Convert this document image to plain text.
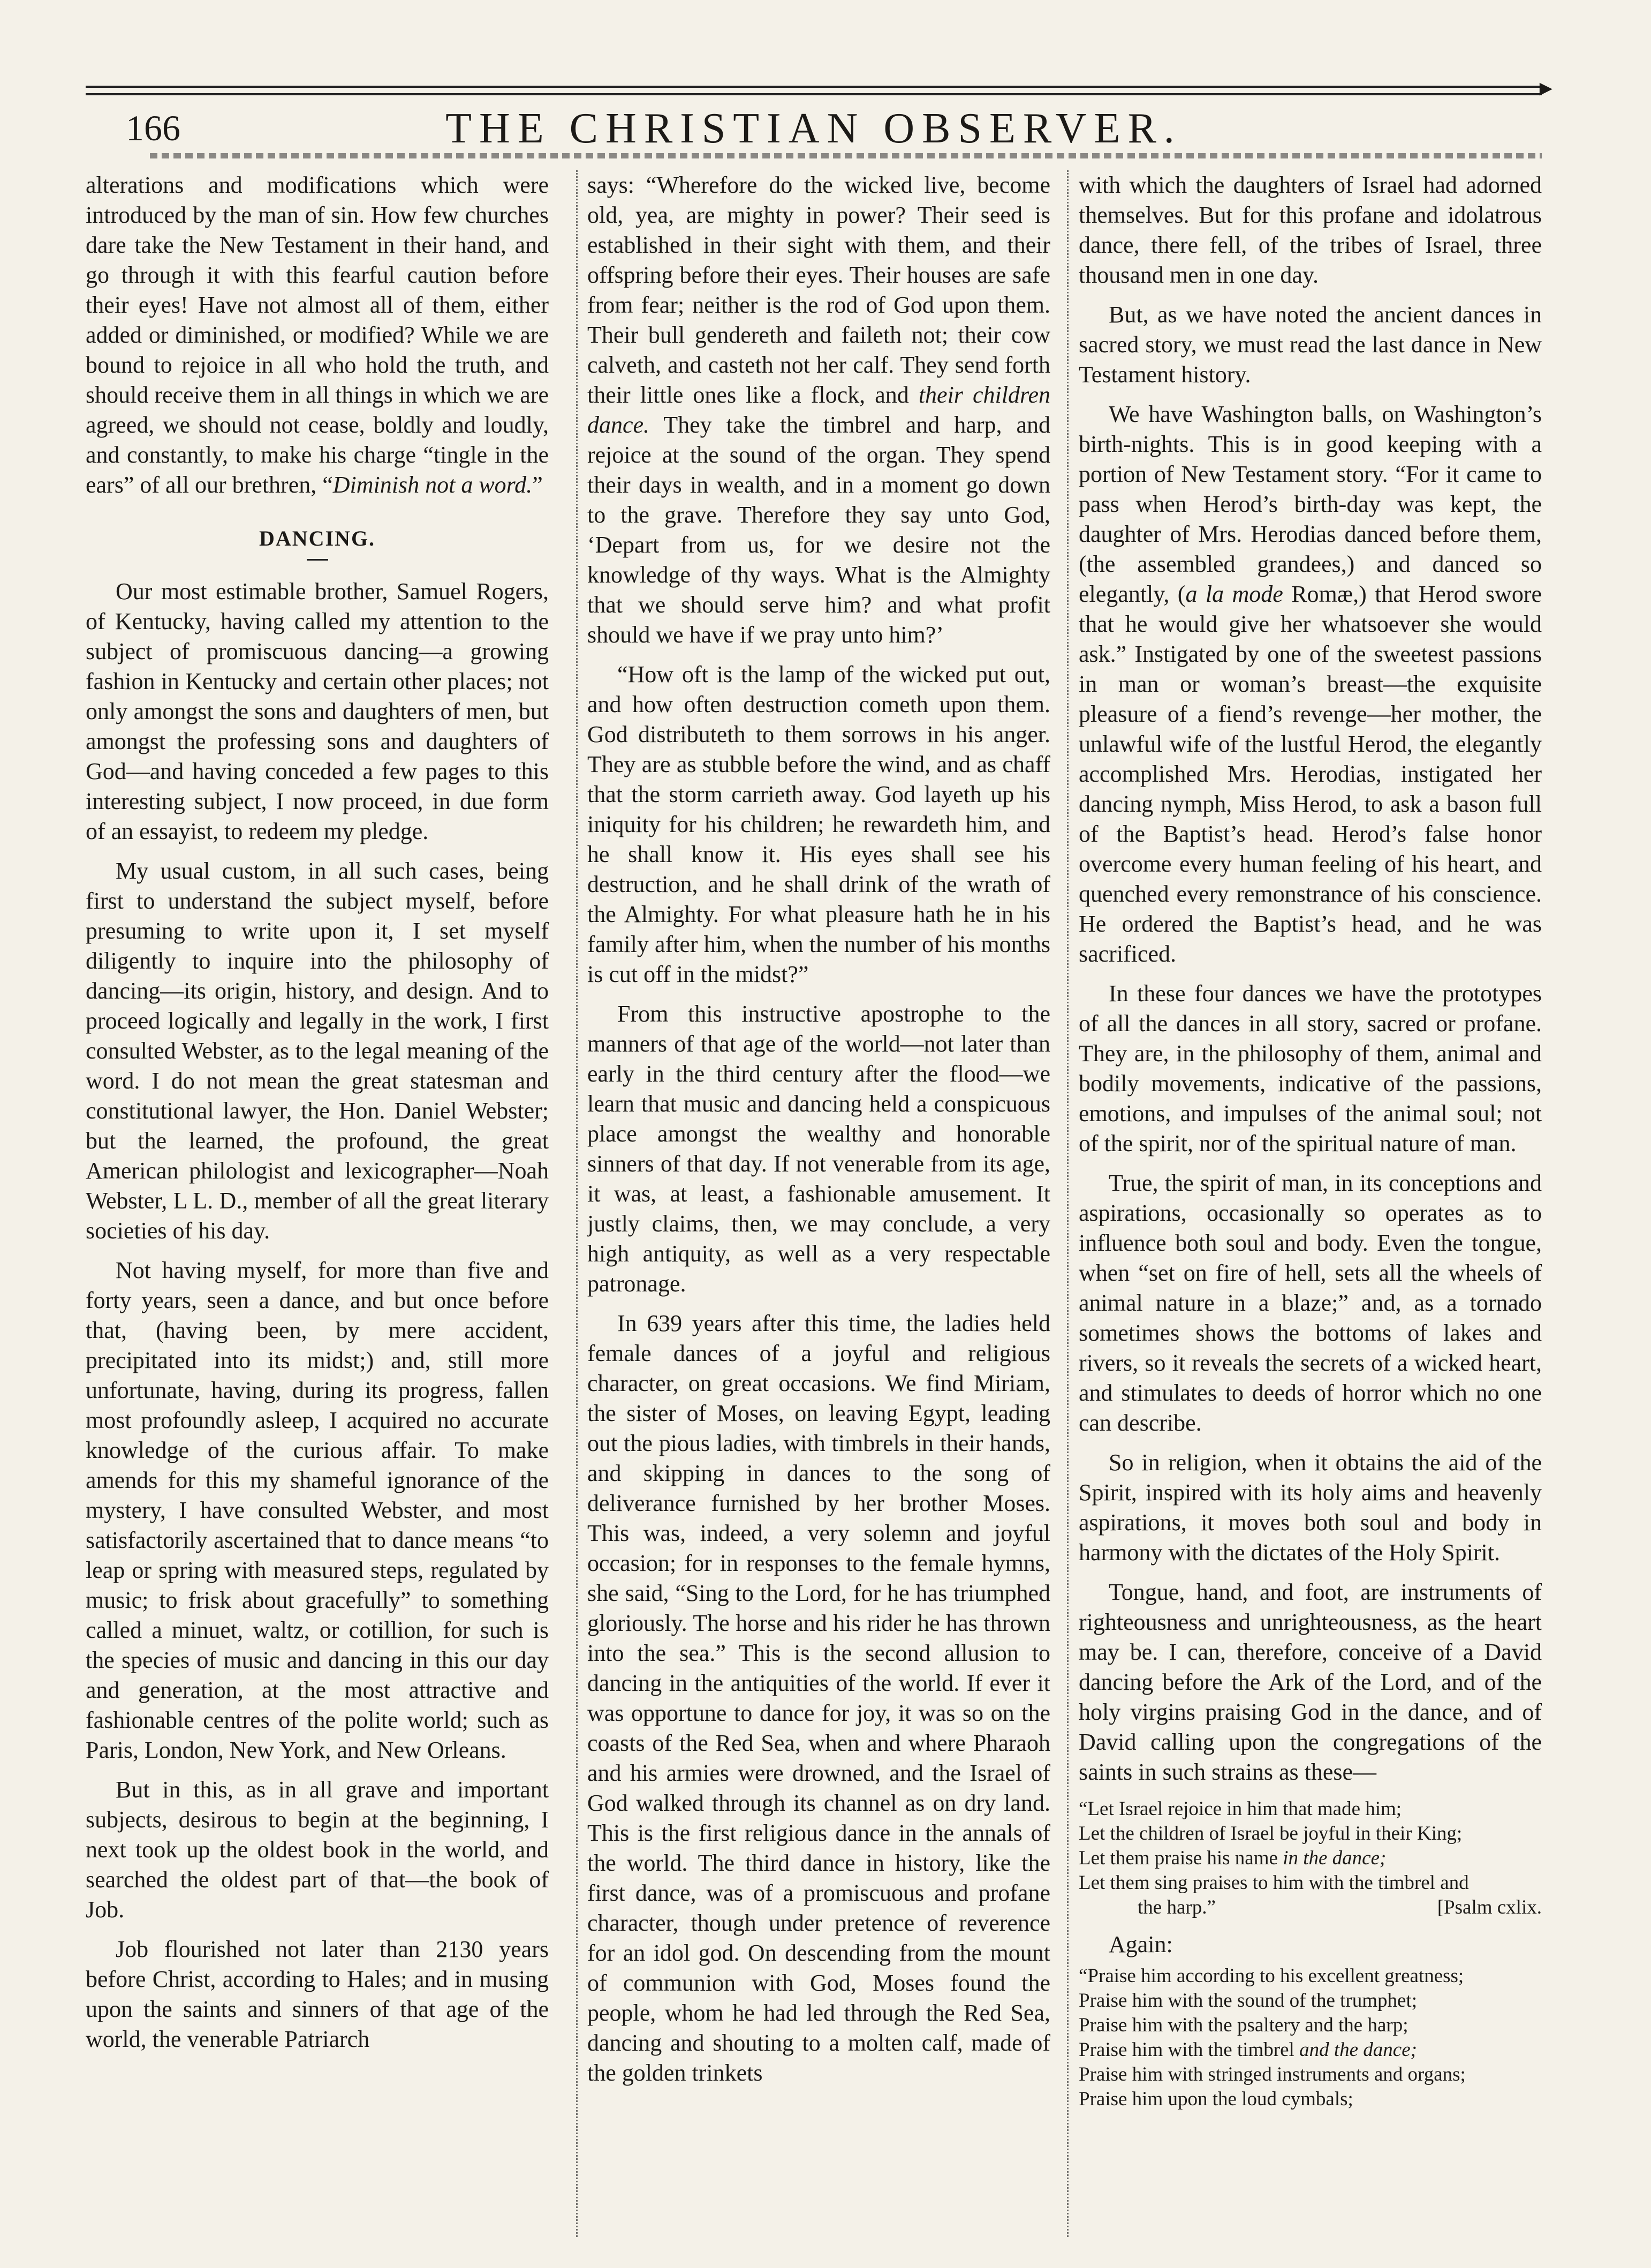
►
166	THE CHRISTIAN OBSERVER.

alterations and modifications which were introduced by the man of sin. How few churches dare take the New Testament in their hand, and go through it with this fearful caution before their eyes! Have not almost all of them, either added or diminished, or modified? While we are bound to rejoice in all who hold the truth, and should receive them in all things in which we are agreed, we should not cease, boldly and loudly, and constantly, to make his charge “tingle in the ears” of all our brethren, “Diminish not a word.”

DANCING.

Our most estimable brother, Samuel Rogers, of Kentucky, having called my attention to the subject of promiscuous dancing—a growing fashion in Kentucky and certain other places; not only amongst the sons and daughters of men, but amongst the professing sons and daughters of God—and having conceded a few pages to this interesting subject, I now proceed, in due form of an essayist, to redeem my pledge.

My usual custom, in all such cases, being first to understand the subject myself, before presuming to write upon it, I set myself diligently to inquire into the philosophy of dancing—its origin, history, and design. And to proceed logically and legally in the work, I first consulted Webster, as to the legal meaning of the word. I do not mean the great statesman and constitutional lawyer, the Hon. Daniel Webster; but the learned, the profound, the great American philologist and lexicographer—Noah Webster, L L. D., member of all the great literary societies of his day.

Not having myself, for more than five and forty years, seen a dance, and but once before that, (having been, by mere accident, precipitated into its midst;) and, still more unfortunate, having, during its progress, fallen most profoundly asleep, I acquired no accurate knowledge of the curious affair. To make amends for this my shameful ignorance of the mystery, I have consulted Webster, and most satisfactorily ascertained that to dance means “to leap or spring with measured steps, regulated by music; to frisk about gracefully” to something called a minuet, waltz, or cotillion, for such is the species of music and dancing in this our day and generation, at the most attractive and fashionable centres of the polite world; such as Paris, London, New York, and New Orleans.

But in this, as in all grave and important subjects, desirous to begin at the beginning, I next took up the oldest book in the world, and searched the oldest part of that—the book of Job.

Job flourished not later than 2130 years before Christ, according to Hales; and in musing upon the saints and sinners of that age of the world, the venerable Patriarch

says: “Wherefore do the wicked live, become old, yea, are mighty in power? Their seed is established in their sight with them, and their offspring before their eyes. Their houses are safe from fear; neither is the rod of God upon them. Their bull gendereth and faileth not; their cow calveth, and casteth not her calf. They send forth their little ones like a flock, and their children dance. They take the timbrel and harp, and rejoice at the sound of the organ. They spend their days in wealth, and in a moment go down to the grave. Therefore they say unto God, ‘Depart from us, for we desire not the knowledge of thy ways. What is the Almighty that we should serve him? and what profit should we have if we pray unto him?’

“How oft is the lamp of the wicked put out, and how often destruction cometh upon them. God distributeth to them sorrows in his anger. They are as stubble before the wind, and as chaff that the storm carrieth away. God layeth up his iniquity for his children; he rewardeth him, and he shall know it. His eyes shall see his destruction, and he shall drink of the wrath of the Almighty. For what pleasure hath he in his family after him, when the number of his months is cut off in the midst?”

From this instructive apostrophe to the manners of that age of the world—not later than early in the third century after the flood—we learn that music and dancing held a conspicuous place amongst the wealthy and honorable sinners of that day. If not venerable from its age, it was, at least, a fashionable amusement. It justly claims, then, we may conclude, a very high antiquity, as well as a very respectable patronage.

In 639 years after this time, the ladies held female dances of a joyful and religious character, on great occasions. We find Miriam, the sister of Moses, on leaving Egypt, leading out the pious ladies, with timbrels in their hands, and skipping in dances to the song of deliverance furnished by her brother Moses. This was, indeed, a very solemn and joyful occasion; for in responses to the female hymns, she said, “Sing to the Lord, for he has triumphed gloriously. The horse and his rider he has thrown into the sea.” This is the second allusion to dancing in the antiquities of the world. If ever it was opportune to dance for joy, it was so on the coasts of the Red Sea, when and where Pharaoh and his armies were drowned, and the Israel of God walked through its channel as on dry land. This is the first religious dance in the annals of the world. The third dance in history, like the first dance, was of a promiscuous and profane character, though under pretence of reverence for an idol god. On descending from the mount of communion with God, Moses found the people, whom he had led through the Red Sea, dancing and shouting to a molten calf, made of the golden trinkets

with which the daughters of Israel had adorned themselves. But for this profane and idolatrous dance, there fell, of the tribes of Israel, three thousand men in one day.

But, as we have noted the ancient dances in sacred story, we must read the last dance in New Testament history.

We have Washington balls, on Washington’s birth-nights. This is in good keeping with a portion of New Testament story. “For it came to pass when Herod’s birth-day was kept, the daughter of Mrs. Herodias danced before them, (the assembled grandees,) and danced so elegantly, (a la mode Romæ,) that Herod swore that he would give her whatsoever she would ask.” Instigated by one of the sweetest passions in man or woman’s breast—the exquisite pleasure of a fiend’s revenge—her mother, the unlawful wife of the lustful Herod, the elegantly accomplished Mrs. Herodias, instigated her dancing nymph, Miss Herod, to ask a bason full of the Baptist’s head. Herod’s false honor overcome every human feeling of his heart, and quenched every remonstrance of his conscience. He ordered the Baptist’s head, and he was sacrificed.

In these four dances we have the prototypes of all the dances in all story, sacred or profane. They are, in the philosophy of them, animal and bodily movements, indicative of the passions, emotions, and impulses of the animal soul; not of the spirit, nor of the spiritual nature of man.

True, the spirit of man, in its conceptions and aspirations, occasionally so operates as to influence both soul and body. Even the tongue, when “set on fire of hell, sets all the wheels of animal nature in a blaze;” and, as a tornado sometimes shows the bottoms of lakes and rivers, so it reveals the secrets of a wicked heart, and stimulates to deeds of horror which no one can describe.

So in religion, when it obtains the aid of the Spirit, inspired with its holy aims and heavenly aspirations, it moves both soul and body in harmony with the dictates of the Holy Spirit.

Tongue, hand, and foot, are instruments of righteousness and unrighteousness, as the heart may be. I can, therefore, conceive of a David dancing before the Ark of the Lord, and of the holy virgins praising God in the dance, and of David calling upon the congregations of the saints in such strains as these—

“Let Israel rejoice in him that made him;
Let the children of Israel be joyful in their King;
Let them praise his name in the dance;
Let them sing praises to him with the timbrel and
the harp.”	[Psalm cxlix.

Again:

“Praise him according to his excellent greatness;
Praise him with the sound of the trumphet;
Praise him with the psaltery and the harp;
Praise him with the timbrel and the dance;
Praise him with stringed instruments and organs;
Praise him upon the loud cymbals;
